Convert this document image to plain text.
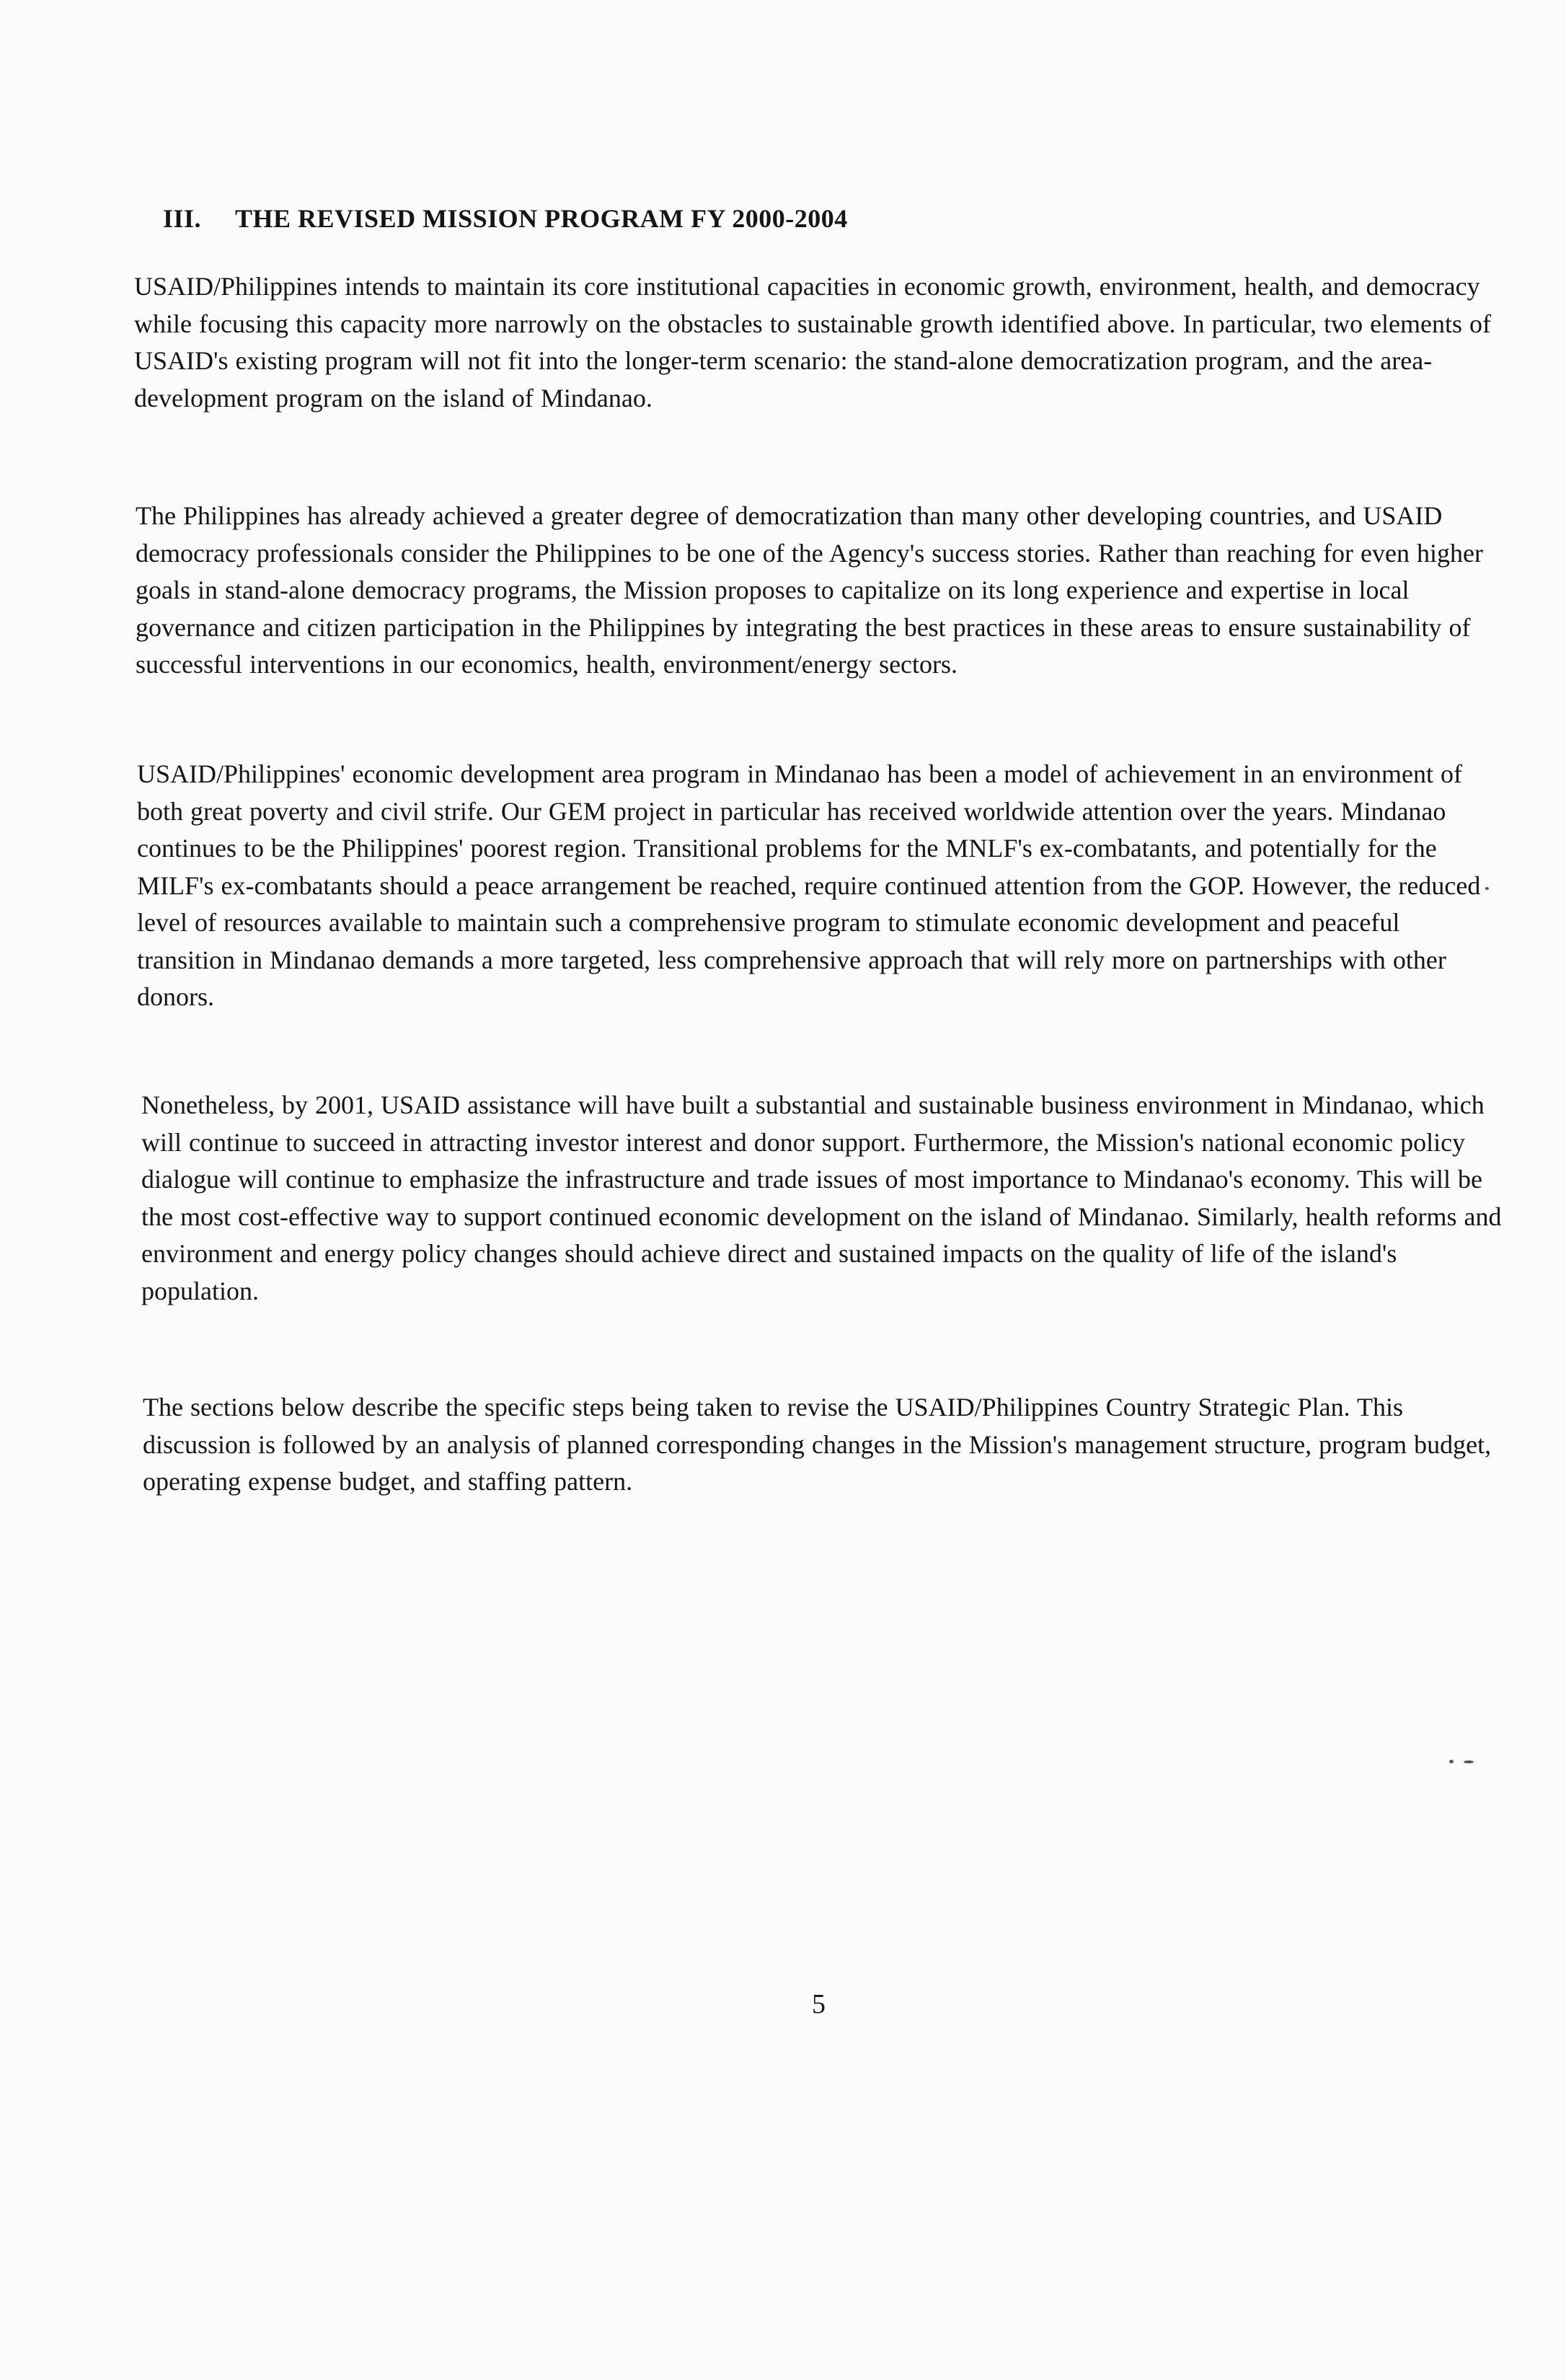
III. THE REVISED MISSION PROGRAM FY 2000-2004
USAID/Philippines intends to maintain its core institutional capacities in economic growth, environment, health, and democracy while focusing this capacity more narrowly on the obstacles to sustainable growth identified above. In particular, two elements of USAID's existing program will not fit into the longer-term scenario: the stand-alone democratization program, and the area-development program on the island of Mindanao.
The Philippines has already achieved a greater degree of democratization than many other developing countries, and USAID democracy professionals consider the Philippines to be one of the Agency's success stories. Rather than reaching for even higher goals in stand-alone democracy programs, the Mission proposes to capitalize on its long experience and expertise in local governance and citizen participation in the Philippines by integrating the best practices in these areas to ensure sustainability of successful interventions in our economics, health, environment/energy sectors.
USAID/Philippines' economic development area program in Mindanao has been a model of achievement in an environment of both great poverty and civil strife. Our GEM project in particular has received worldwide attention over the years. Mindanao continues to be the Philippines' poorest region. Transitional problems for the MNLF's ex-combatants, and potentially for the MILF's ex-combatants should a peace arrangement be reached, require continued attention from the GOP. However, the reduced level of resources available to maintain such a comprehensive program to stimulate economic development and peaceful transition in Mindanao demands a more targeted, less comprehensive approach that will rely more on partnerships with other donors.
Nonetheless, by 2001, USAID assistance will have built a substantial and sustainable business environment in Mindanao, which will continue to succeed in attracting investor interest and donor support. Furthermore, the Mission's national economic policy dialogue will continue to emphasize the infrastructure and trade issues of most importance to Mindanao's economy. This will be the most cost-effective way to support continued economic development on the island of Mindanao. Similarly, health reforms and environment and energy policy changes should achieve direct and sustained impacts on the quality of life of the island's population.
The sections below describe the specific steps being taken to revise the USAID/Philippines Country Strategic Plan. This discussion is followed by an analysis of planned corresponding changes in the Mission's management structure, program budget, operating expense budget, and staffing pattern.
5
